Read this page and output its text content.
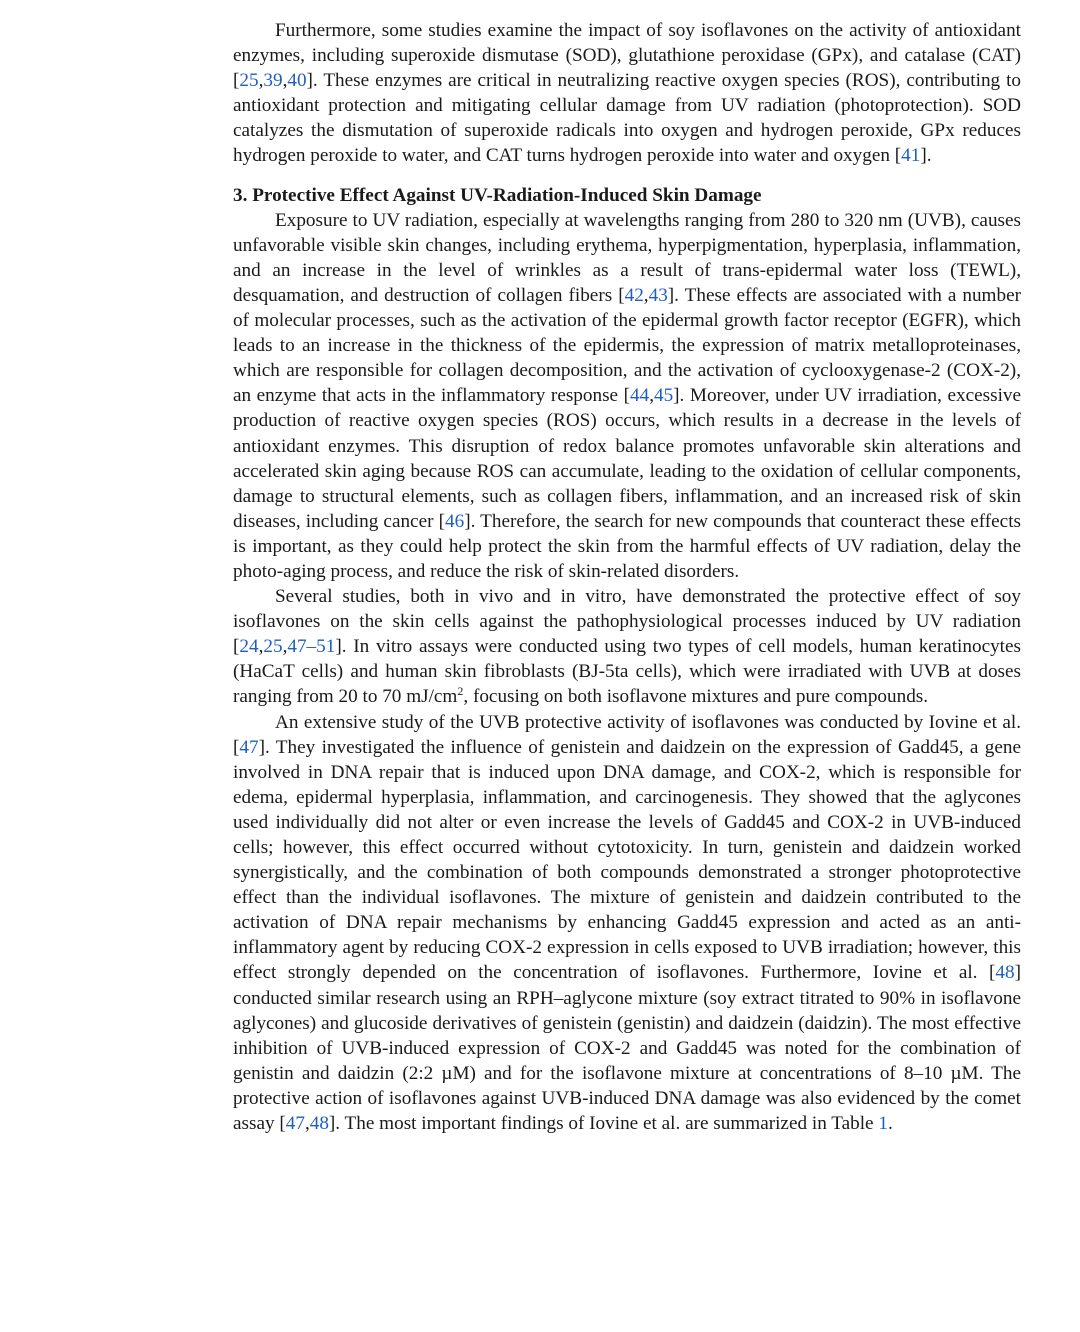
Furthermore, some studies examine the impact of soy isoflavones on the activity of antioxidant enzymes, including superoxide dismutase (SOD), glutathione peroxidase (GPx), and catalase (CAT) [25,39,40]. These enzymes are critical in neutralizing reactive oxygen species (ROS), contributing to antioxidant protection and mitigating cellular damage from UV radiation (photoprotection). SOD catalyzes the dismutation of superoxide radicals into oxygen and hydrogen peroxide, GPx reduces hydrogen peroxide to water, and CAT turns hydrogen peroxide into water and oxygen [41].

3. Protective Effect Against UV-Radiation-Induced Skin Damage

Exposure to UV radiation, especially at wavelengths ranging from 280 to 320 nm (UVB), causes unfavorable visible skin changes, including erythema, hyperpigmentation, hyperplasia, inflammation, and an increase in the level of wrinkles as a result of trans-epidermal water loss (TEWL), desquamation, and destruction of collagen fibers [42,43]. These effects are associated with a number of molecular processes, such as the activation of the epidermal growth factor receptor (EGFR), which leads to an increase in the thickness of the epidermis, the expression of matrix metalloproteinases, which are responsible for collagen decomposition, and the activation of cyclooxygenase-2 (COX-2), an enzyme that acts in the inflammatory response [44,45]. Moreover, under UV irradiation, excessive production of reactive oxygen species (ROS) occurs, which results in a decrease in the levels of antioxidant enzymes. This disruption of redox balance promotes unfavorable skin alterations and accelerated skin aging because ROS can accumulate, leading to the oxidation of cellular components, damage to structural elements, such as collagen fibers, inflammation, and an increased risk of skin diseases, including cancer [46]. Therefore, the search for new compounds that counteract these effects is important, as they could help protect the skin from the harmful effects of UV radiation, delay the photo-aging process, and reduce the risk of skin-related disorders.

Several studies, both in vivo and in vitro, have demonstrated the protective effect of soy isoflavones on the skin cells against the pathophysiological processes induced by UV radiation [24,25,47–51]. In vitro assays were conducted using two types of cell models, human keratinocytes (HaCaT cells) and human skin fibroblasts (BJ-5ta cells), which were irradiated with UVB at doses ranging from 20 to 70 $mJ/cm^2$, focusing on both isoflavone mixtures and pure compounds.

An extensive study of the UVB protective activity of isoflavones was conducted by Iovine et al. [47]. They investigated the influence of genistein and daidzein on the expression of Gadd45, a gene involved in DNA repair that is induced upon DNA damage, and COX-2, which is responsible for edema, epidermal hyperplasia, inflammation, and carcinogenesis. They showed that the aglycones used individually did not alter or even increase the levels of Gadd45 and COX-2 in UVB-induced cells; however, this effect occurred without cytotoxicity. In turn, genistein and daidzein worked synergistically, and the combination of both compounds demonstrated a stronger photoprotective effect than the individual isoflavones. The mixture of genistein and daidzein contributed to the activation of DNA repair mechanisms by enhancing Gadd45 expression and acted as an anti-inflammatory agent by reducing COX-2 expression in cells exposed to UVB irradiation; however, this effect strongly depended on the concentration of isoflavones. Furthermore, Iovine et al. [48] conducted similar research using an RPH–aglycone mixture (soy extract titrated to 90% in isoflavone aglycones) and glucoside derivatives of genistein (genistin) and daidzein (daidzin). The most effective inhibition of UVB-induced expression of COX-2 and Gadd45 was noted for the combination of genistin and daidzin (2:2 µM) and for the isoflavone mixture at concentrations of 8–10 µM. The protective action of isoflavones against UVB-induced DNA damage was also evidenced by the comet assay [47,48]. The most important findings of Iovine et al. are summarized in Table 1.
